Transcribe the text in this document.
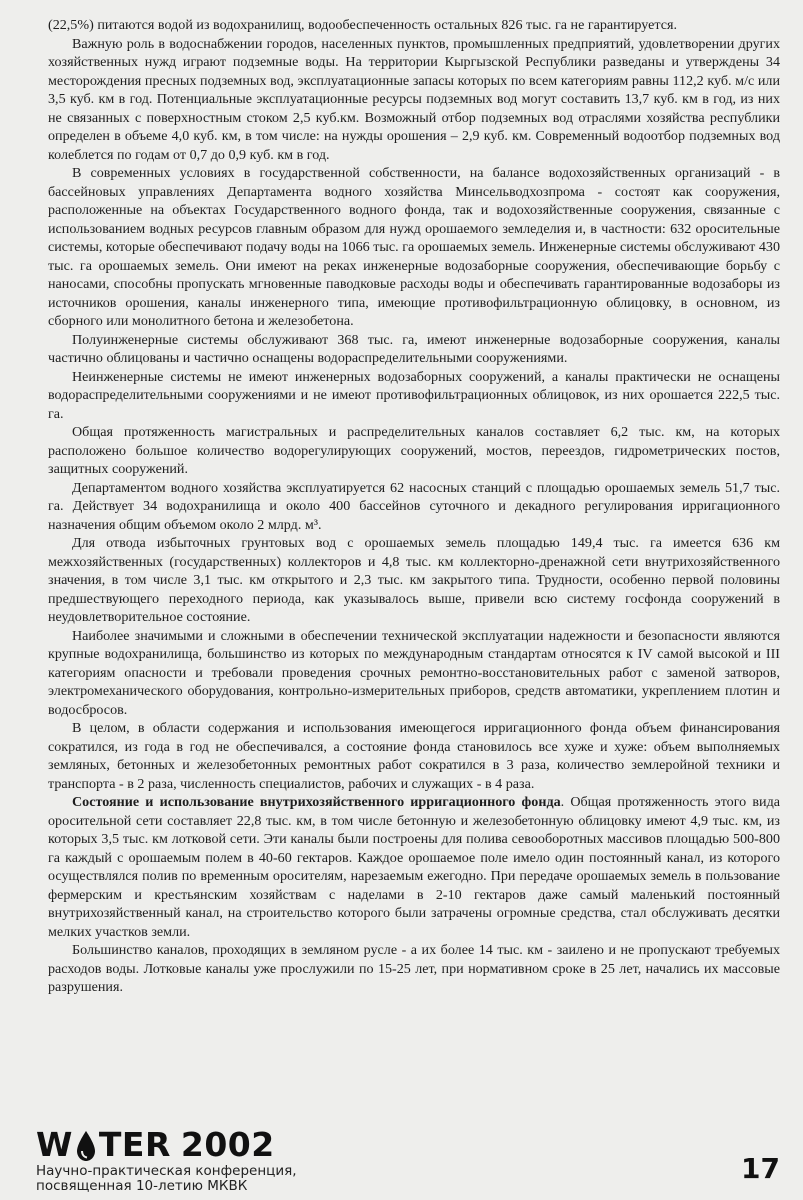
(22,5%) питаются водой из водохранилищ, водообеспеченность остальных 826 тыс. га не гарантируется.

Важную роль в водоснабжении городов, населенных пунктов, промышленных предприятий, удовлетворении других хозяйственных нужд играют подземные воды. На территории Кыргызской Республики разведаны и утверждены 34 месторождения пресных подземных вод, эксплуатационные запасы которых по всем категориям равны 112,2 куб. м/с или 3,5 куб. км в год. Потенциальные эксплуатационные ресурсы подземных вод могут составить 13,7 куб. км в год, из них не связанных с поверхностным стоком 2,5 куб.км. Возможный отбор подземных вод отраслями хозяйства республики определен в объеме 4,0 куб. км, в том числе: на нужды орошения – 2,9 куб. км. Современный водоотбор подземных вод колеблется по годам от 0,7 до 0,9 куб. км в год.

В современных условиях в государственной собственности, на балансе водохозяйственных организаций - в бассейновых управлениях Департамента водного хозяйства Минсельводхозпрома - состоят как сооружения, расположенные на объектах Государственного водного фонда, так и водохозяйственные сооружения, связанные с использованием водных ресурсов главным образом для нужд орошаемого земледелия и, в частности: 632 оросительные системы, которые обеспечивают подачу воды на 1066 тыс. га орошаемых земель. Инженерные системы обслуживают 430 тыс. га орошаемых земель. Они имеют на реках инженерные водозаборные сооружения, обеспечивающие борьбу с наносами, способны пропускать мгновенные паводковые расходы воды и обеспечивать гарантированные водозаборы из источников орошения, каналы инженерного типа, имеющие противофильтрационную облицовку, в основном, из сборного или монолитного бетона и железобетона.

Полуинженерные системы обслуживают 368 тыс. га, имеют инженерные водозаборные сооружения, каналы частично облицованы и частично оснащены водораспределительными сооружениями.

Неинженерные системы не имеют инженерных водозаборных сооружений, а каналы практически не оснащены водораспределительными сооружениями и не имеют противофильтрационных облицовок, из них орошается 222,5 тыс. га.

Общая протяженность магистральных и распределительных каналов составляет 6,2 тыс. км, на которых расположено большое количество водорегулирующих сооружений, мостов, переездов, гидрометрических постов, защитных сооружений.

Департаментом водного хозяйства эксплуатируется 62 насосных станций с площадью орошаемых земель 51,7 тыс. га. Действует 34 водохранилища и около 400 бассейнов суточного и декадного регулирования ирригационного назначения общим объемом около 2 млрд. м³.

Для отвода избыточных грунтовых вод с орошаемых земель площадью 149,4 тыс. га имеется 636 км межхозяйственных (государственных) коллекторов и 4,8 тыс. км коллекторно-дренажной сети внутрихозяйственного значения, в том числе 3,1 тыс. км открытого и 2,3 тыс. км закрытого типа. Трудности, особенно первой половины предшествующего переходного периода, как указывалось выше, привели всю систему госфонда сооружений в неудовлетворительное состояние.

Наиболее значимыми и сложными в обеспечении технической эксплуатации надежности и безопасности являются крупные водохранилища, большинство из которых по международным стандартам относятся к IV самой высокой и III категориям опасности и требовали проведения срочных ремонтно-восстановительных работ с заменой затворов, электромеханического оборудования, контрольно-измерительных приборов, средств автоматики, укреплением плотин и водосбросов.

В целом, в области содержания и использования имеющегося ирригационного фонда объем финансирования сократился, из года в год не обеспечивался, а состояние фонда становилось все хуже и хуже: объем выполняемых земляных, бетонных и железобетонных ремонтных работ сократился в 3 раза, количество землеройной техники и транспорта - в 2 раза, численность специалистов, рабочих и служащих - в 4 раза.

Состояние и использование внутрихозяйственного ирригационного фонда. Общая протяженность этого вида оросительной сети составляет 22,8 тыс. км, в том числе бетонную и железобетонную облицовку имеют 4,9 тыс. км, из которых 3,5 тыс. км лотковой сети. Эти каналы были построены для полива севооборотных массивов площадью 500-800 га каждый с орошаемым полем в 40-60 гектаров. Каждое орошаемое поле имело один постоянный канал, из которого осуществлялся полив по временным оросителям, нарезаемым ежегодно. При передаче орошаемых земель в пользование фермерским и крестьянским хозяйствам с наделами в 2-10 гектаров даже самый маленький постоянный внутрихозяйственный канал, на строительство которого были затрачены огромные средства, стал обслуживать десятки мелких участков земли.

Большинство каналов, проходящих в земляном русле - а их более 14 тыс. км - заилено и не пропускают требуемых расходов воды. Лотковые каналы уже прослужили по 15-25 лет, при нормативном сроке в 25 лет, начались их массовые разрушения.

W TER 2002
Научно-практическая конференция,
посвященная 10-летию МКВК
17
